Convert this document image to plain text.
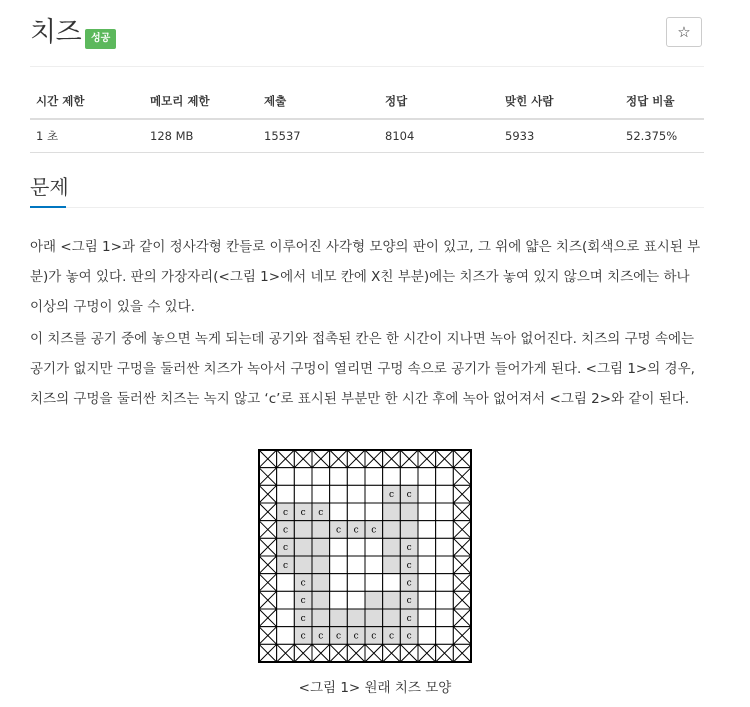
치즈 성공	☆
시간 제한	메모리 제한	제출	정답	맞힌 사람	정답 비율
1 초	128 MB	15537	8104	5933	52.375%
문제

아래 <그림 1>과 같이 정사각형 칸들로 이루어진 사각형 모양의 판이 있고, 그 위에 얇은 치즈(회색으로 표시된 부분)가 놓여 있다. 판의 가장자리(<그림 1>에서 네모 칸에 X친 부분)에는 치즈가 놓여 있지 않으며 치즈에는 하나 이상의 구멍이 있을 수 있다.

이 치즈를 공기 중에 놓으면 녹게 되는데 공기와 접촉된 칸은 한 시간이 지나면 녹아 없어진다. 치즈의 구멍 속에는 공기가 없지만 구멍을 둘러싼 치즈가 녹아서 구멍이 열리면 구멍 속으로 공기가 들어가게 된다. <그림 1>의 경우, 치즈의 구멍을 둘러싼 치즈는 녹지 않고 ‘c’로 표시된 부분만 한 시간 후에 녹아 없어져서 <그림 2>와 같이 된다.

c c
c c c
c	c c c
c	c
c	c
c	c
c	c
c	c
c c c c c c c
<그림 1> 원래 치즈 모양
